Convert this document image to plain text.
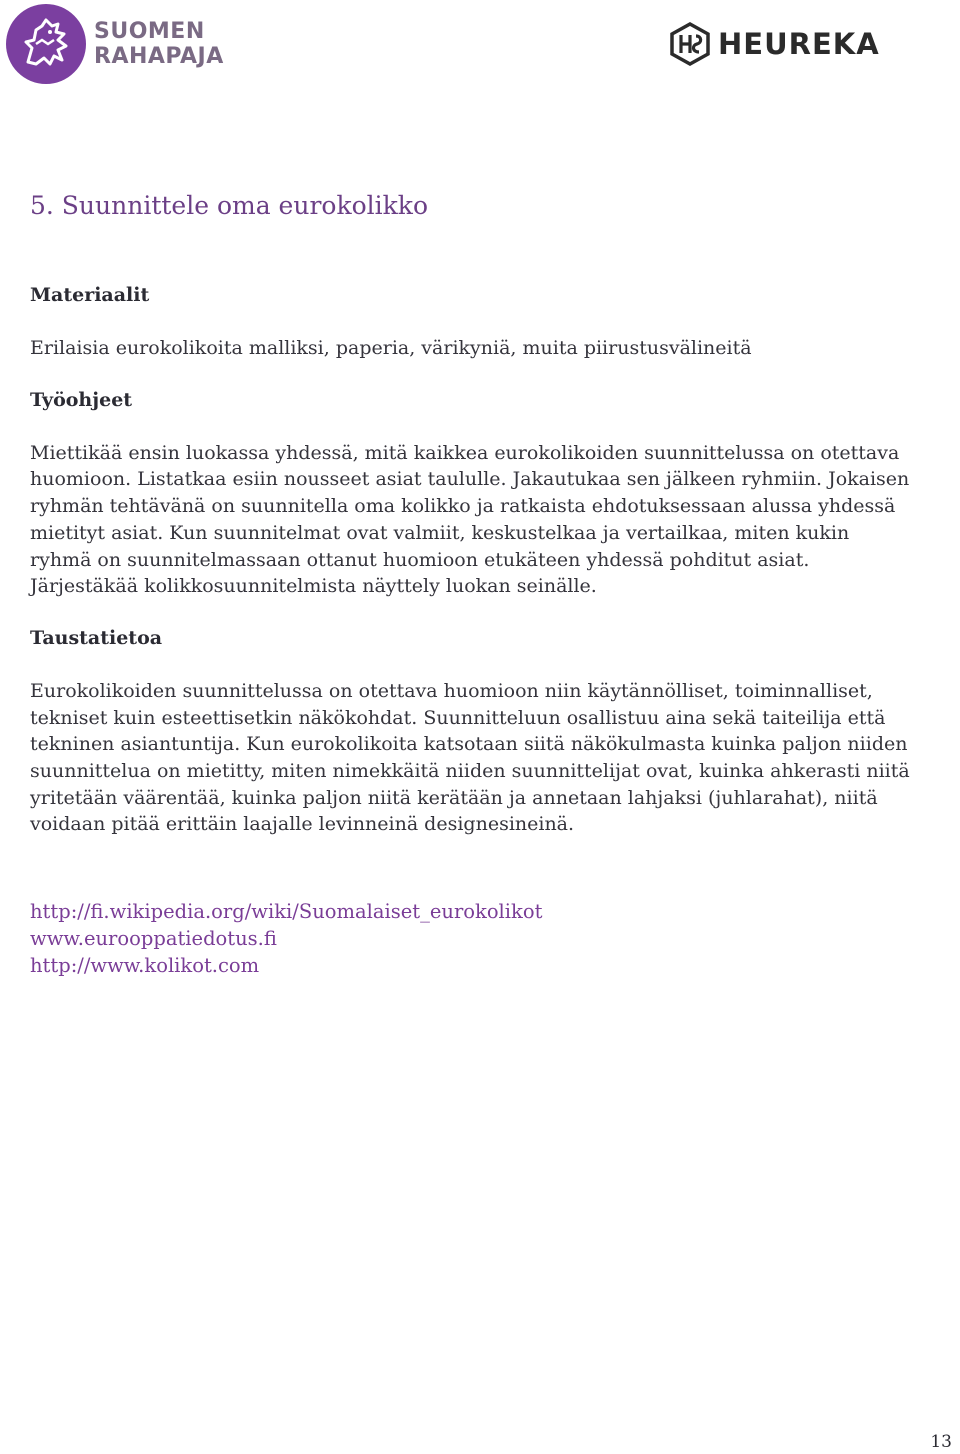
SUOMEN
RAHAPAJA	HEUREKA
5. Suunnittele oma eurokolikko
Materiaalit

Erilaisia eurokolikoita malliksi, paperia, värikyniä, muita piirustusvälineitä

Työohjeet

Miettikää ensin luokassa yhdessä, mitä kaikkea eurokolikoiden suunnittelussa on otettava huomioon. Listatkaa esiin nousseet asiat taululle. Jakautukaa sen jälkeen ryhmiin. Jokaisen ryhmän tehtävänä on suunnitella oma kolikko ja ratkaista ehdotuksessaan alussa yhdessä mietityt asiat. Kun suunnitelmat ovat valmiit, keskustelkaa ja vertailkaa, miten kukin ryhmä on suunnitelmassaan ottanut huomioon etukäteen yhdessä pohditut asiat. Järjestäkää kolikkosuunnitelmista näyttely luokan seinälle.

Taustatietoa

Eurokolikoiden suunnittelussa on otettava huomioon niin käytännölliset, toiminnalliset, tekniset kuin esteettisetkin näkökohdat. Suunnitteluun osallistuu aina sekä taiteilija että tekninen asiantuntija. Kun eurokolikoita katsotaan siitä näkökulmasta kuinka paljon niiden suunnittelua on mietitty, miten nimekkäitä niiden suunnittelijat ovat, kuinka ahkerasti niitä yritetään väärentää, kuinka paljon niitä kerätään ja annetaan lahjaksi (juhlarahat), niitä voidaan pitää erittäin laajalle levinneinä designesineinä.

http://fi.wikipedia.org/wiki/Suomalaiset_eurokolikot
www.eurooppatiedotus.fi
http://www.kolikot.com
13
